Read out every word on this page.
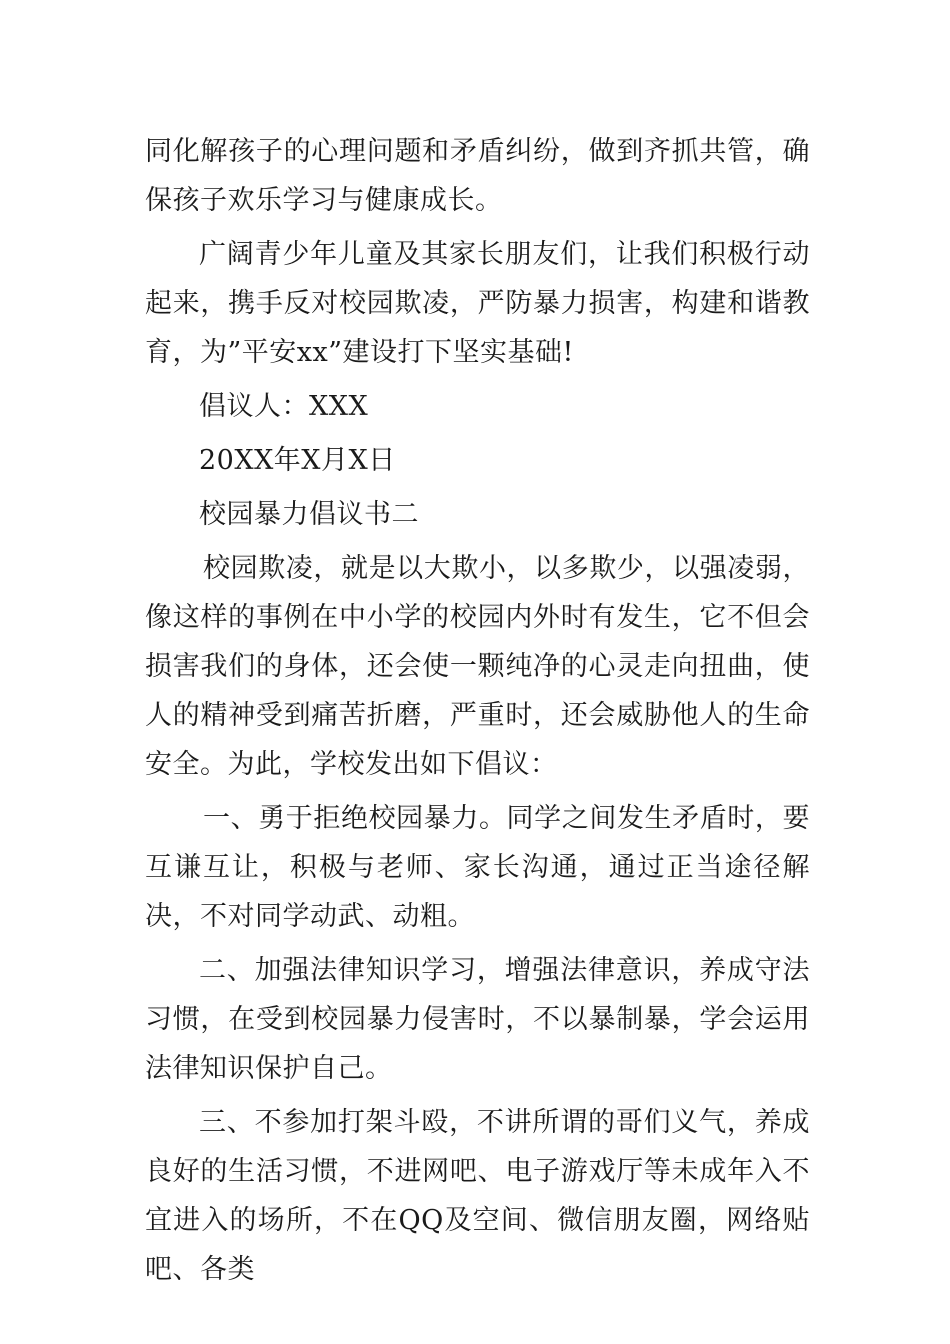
同化解孩子的心理问题和矛盾纠纷，做到齐抓共管，确保孩子欢乐学习与健康成长。

广阔青少年儿童及其家长朋友们，让我们积极行动起来，携手反对校园欺凌，严防暴力损害，构建和谐教育，为”平安xx”建设打下坚实基础!

倡议人：XXX

20XX年X月X日

校园暴力倡议书二

校园欺凌，就是以大欺小，以多欺少，以强凌弱，像这样的事例在中小学的校园内外时有发生，它不但会损害我们的身体，还会使一颗纯净的心灵走向扭曲，使人的精神受到痛苦折磨，严重时，还会威胁他人的生命安全。为此，学校发出如下倡议：

一、勇于拒绝校园暴力。同学之间发生矛盾时，要互谦互让，积极与老师、家长沟通，通过正当途径解决，不对同学动武、动粗。

二、加强法律知识学习，增强法律意识，养成守法习惯，在受到校园暴力侵害时，不以暴制暴，学会运用法律知识保护自己。

三、不参加打架斗殴，不讲所谓的哥们义气，养成良好的生活习惯，不进网吧、电子游戏厅等未成年入不宜进入的场所，不在QQ及空间、微信朋友圈，网络贴吧、各类
